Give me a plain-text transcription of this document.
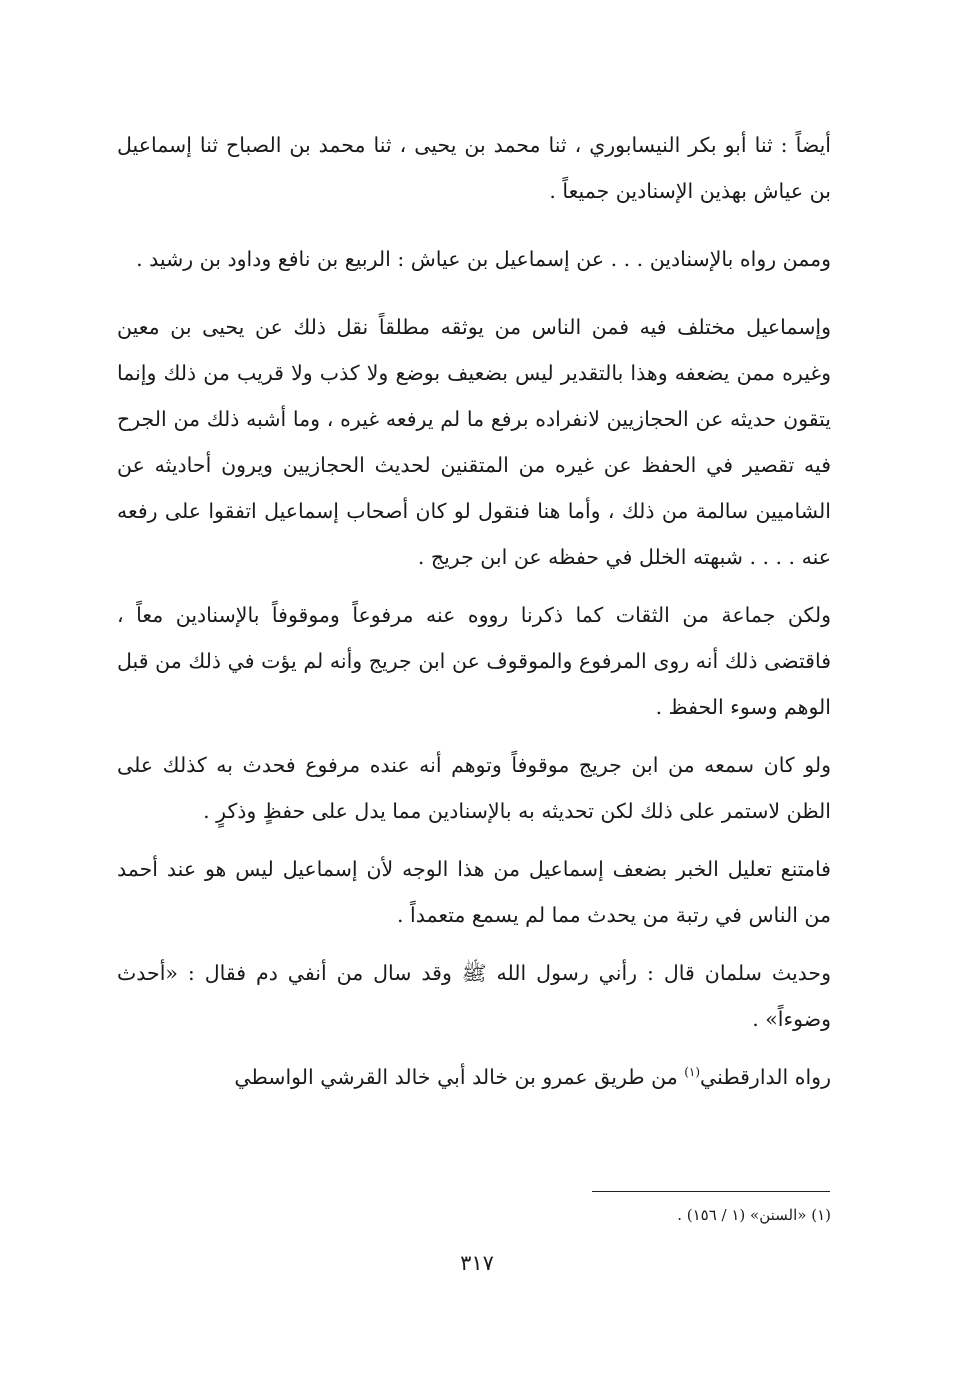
أيضاً : ثنا أبو بكر النيسابوري ، ثنا محمد بن يحيى ، ثنا محمد بن الصباح ثنا إسماعيل بن عياش بهذين الإسنادين جميعاً .

وممن رواه بالإسنادين . . . عن إسماعيل بن عياش : الربيع بن نافع وداود بن رشيد .

وإسماعيل مختلف فيه فمن الناس من يوثقه مطلقاً نقل ذلك عن يحيى بن معين وغيره ممن يضعفه وهذا بالتقدير ليس بضعيف بوضع ولا كذب ولا قريب من ذلك وإنما يتقون حديثه عن الحجازيين لانفراده برفع ما لم يرفعه غيره ، وما أشبه ذلك من الجرح فيه تقصير في الحفظ عن غيره من المتقنين لحديث الحجازيين ويرون أحاديثه عن الشاميين سالمة من ذلك ، وأما هنا فنقول لو كان أصحاب إسماعيل اتفقوا على رفعه عنه . . . . شبهته الخلل في حفظه عن ابن جريج .

ولكن جماعة من الثقات كما ذكرنا رووه عنه مرفوعاً وموقوفاً بالإسنادين معاً ، فاقتضى ذلك أنه روى المرفوع والموقوف عن ابن جريج وأنه لم يؤت في ذلك من قبل الوهم وسوء الحفظ .

ولو كان سمعه من ابن جريج موقوفاً وتوهم أنه عنده مرفوع فحدث به كذلك على الظن لاستمر على ذلك لكن تحديثه به بالإسنادين مما يدل على حفظٍ وذكرٍ .

فامتنع تعليل الخبر بضعف إسماعيل من هذا الوجه لأن إسماعيل ليس هو عند أحمد من الناس في رتبة من يحدث مما لم يسمع متعمداً .

وحديث سلمان قال : رأني رسول الله ﷺ وقد سال من أنفي دم فقال : «أحدث وضوءاً» .

رواه الدارقطني$^{(١)}$ من طريق عمرو بن خالد أبي خالد القرشي الواسطي

(١) «السنن» (١ / ١٥٦) .
٣١٧
